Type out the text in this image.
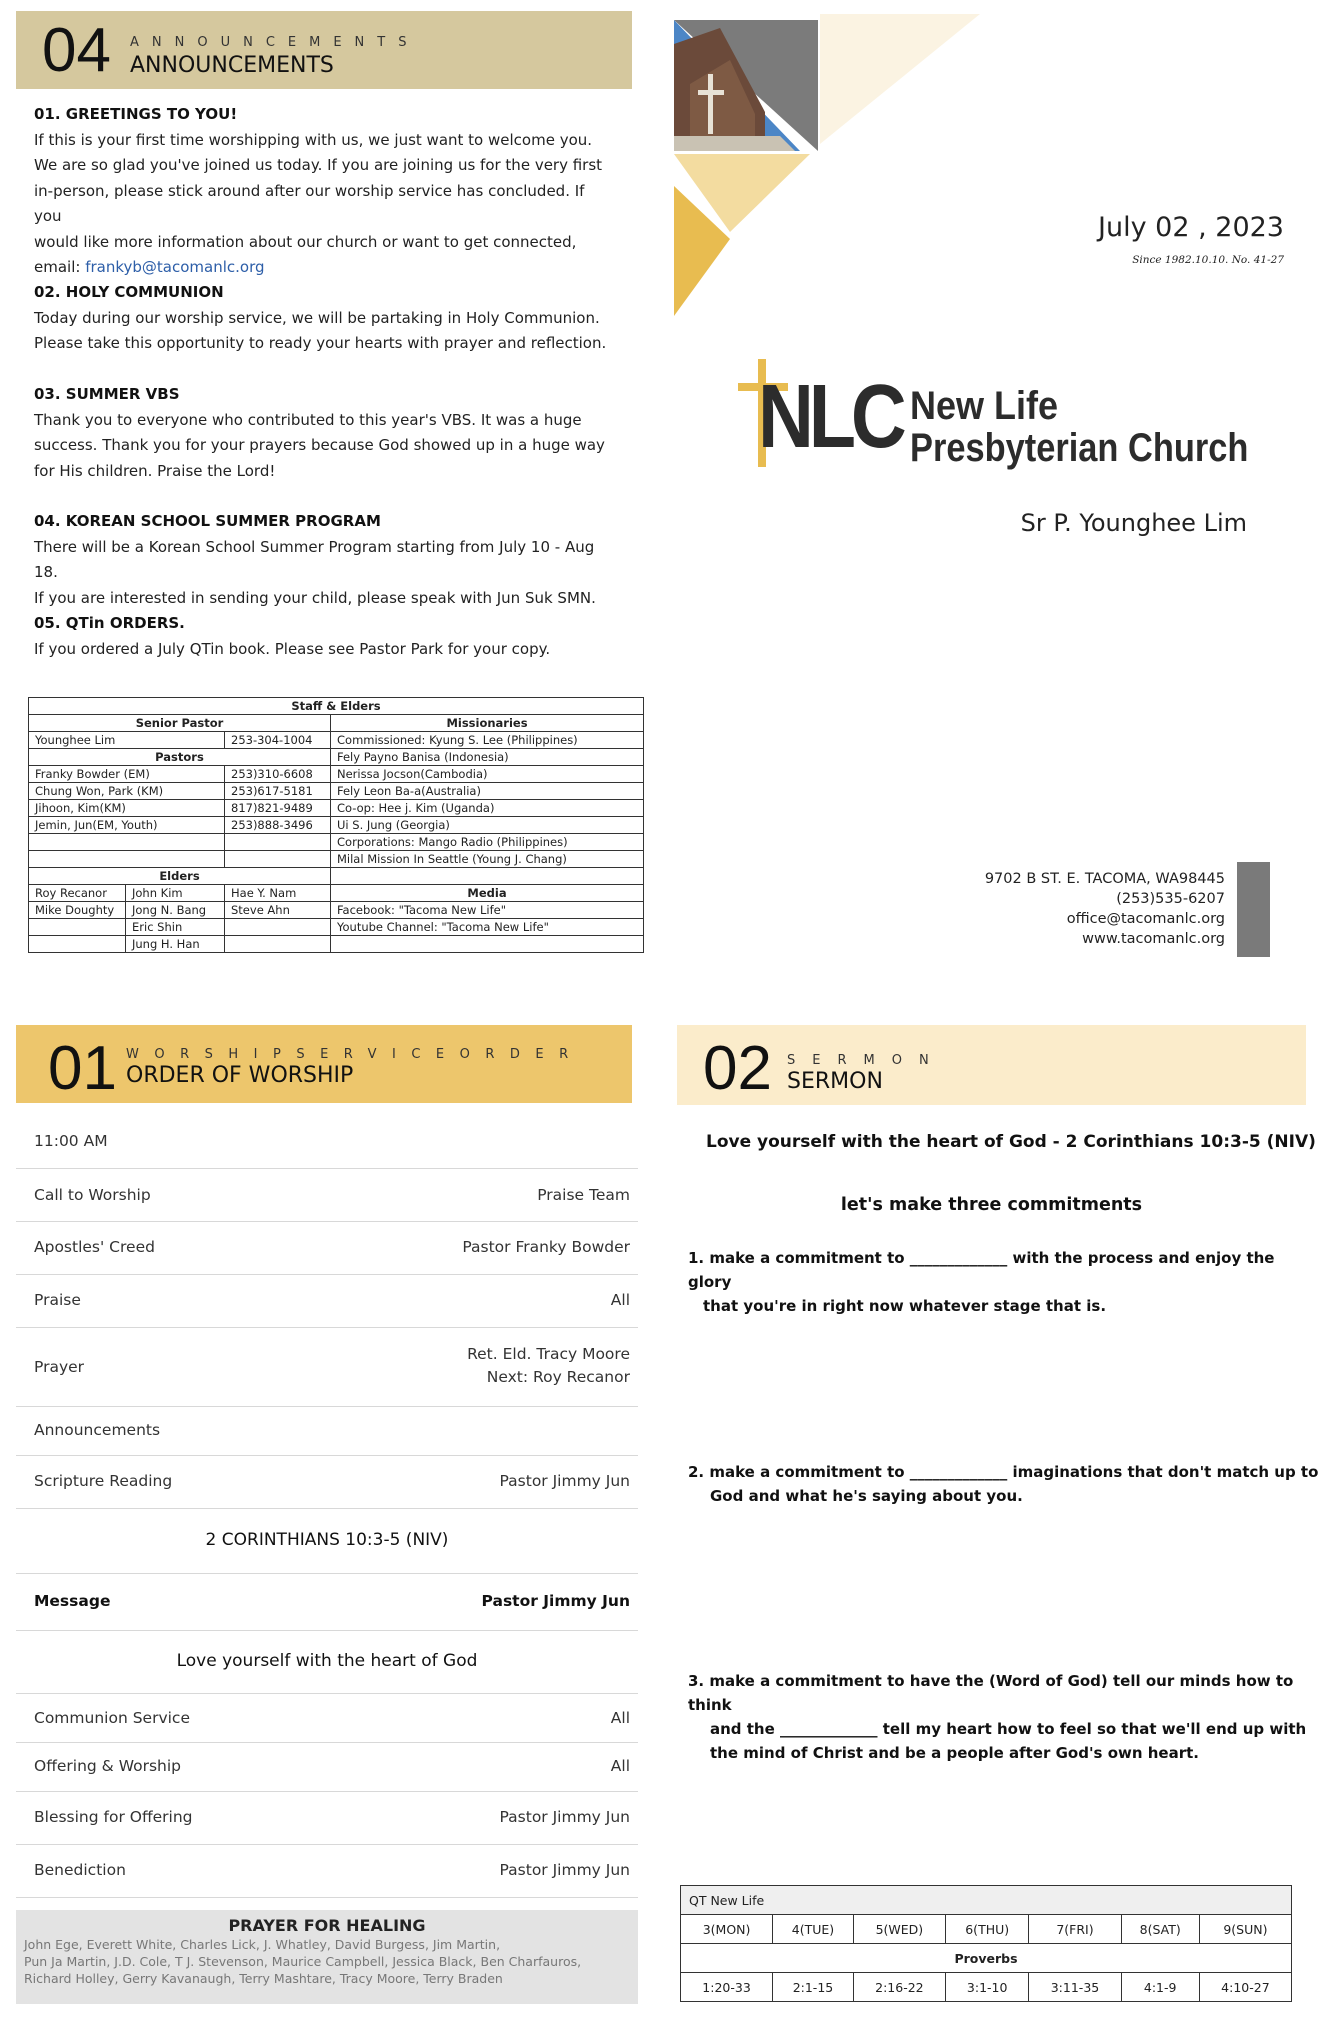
04 ANNOUNCEMENTS
ANNOUNCEMENTS
01. GREETINGS TO YOU!
If this is your first time worshipping with us, we just want to welcome you.
We are so glad you've joined us today. If you are joining us for the very first
in-person, please stick around after our worship service has concluded. If you
would like more information about our church or want to get connected,
email: frankyb@tacomanlc.org
02. HOLY COMMUNION
Today during our worship service, we will be partaking in Holy Communion.
Please take this opportunity to ready your hearts with prayer and reflection.
03. SUMMER VBS
Thank you to everyone who contributed to this year's VBS. It was a huge
success. Thank you for your prayers because God showed up in a huge way
for His children. Praise the Lord!
04. KOREAN SCHOOL SUMMER PROGRAM
There will be a Korean School Summer Program starting from July 10 - Aug 18.
If you are interested in sending your child, please speak with Jun Suk SMN.
05. QTin ORDERS.
If you ordered a July QTin book. Please see Pastor Park for your copy.
Staff & Elders			
Senior Pastor			Missionaries
Younghee Lim		253-304-1004	Commissioned: Kyung S. Lee (Philippines)
Pastors			Fely Payno Banisa (Indonesia)
Franky Bowder (EM)		253)310-6608	Nerissa Jocson(Cambodia)
Chung Won, Park (KM)		253)617-5181	Fely Leon Ba-a(Australia)
Jihoon, Kim(KM)		817)821-9489	Co-op: Hee j. Kim (Uganda)
Jemin, Jun(EM, Youth)		253)888-3496	Ui S. Jung (Georgia)
			Corporations: Mango Radio (Philippines)
			Milal Mission In Seattle (Young J. Chang)
Elders			
Roy Recanor	John Kim	Hae Y. Nam	Media
Mike Doughty	Jong N. Bang	Steve Ahn	Facebook: "Tacoma New Life"
	Eric Shin		Youtube Channel: "Tacoma New Life"
	Jung H. Han		
July 02 , 2023
Since 1982.10.10. No. 41-27
NLC New Life
Presbyterian Church
Sr P. Younghee Lim
9702 B ST. E. TACOMA, WA98445
(253)535-6207
office@tacomanlc.org
www.tacomanlc.org
01 WORSHIPSERVICEORDER
ORDER OF WORSHIP
11:00 AM
Call to Worship	Praise Team
Apostles' Creed	Pastor Franky Bowder
Praise	All
Prayer
Ret. Eld. Tracy Moore
Next: Roy Recanor
Announcements
Scripture Reading	Pastor Jimmy Jun
2 CORINTHIANS 10:3-5 (NIV)
Message	Pastor Jimmy Jun
Love yourself with the heart of God
Communion Service	All
Offering & Worship	All
Blessing for Offering	Pastor Jimmy Jun
Benediction	Pastor Jimmy Jun
PRAYER FOR HEALING
John Ege, Everett White, Charles Lick, J. Whatley, David Burgess, Jim Martin,
Pun Ja Martin, J.D. Cole, T J. Stevenson, Maurice Campbell, Jessica Black, Ben Charfauros,
Richard Holley, Gerry Kavanaugh, Terry Mashtare, Tracy Moore, Terry Braden
02 SERMON
SERMON
Love yourself with the heart of God - 2 Corinthians 10:3-5 (NIV)
let's make three commitments
1. make a commitment to _____________ with the process and enjoy the glory
that you're in right now whatever stage that is.
2. make a commitment to _____________ imaginations that don't match up to
God and what he's saying about you.
3. make a commitment to have the (Word of God) tell our minds how to think
and the _____________ tell my heart how to feel so that we'll end up with
the mind of Christ and be a people after God's own heart.
QT New Life						
3(MON)	4(TUE)	5(WED)	6(THU)	7(FRI)	8(SAT)	9(SUN)
Proverbs						
1:20-33	2:1-15	2:16-22	3:1-10	3:11-35	4:1-9	4:10-27
